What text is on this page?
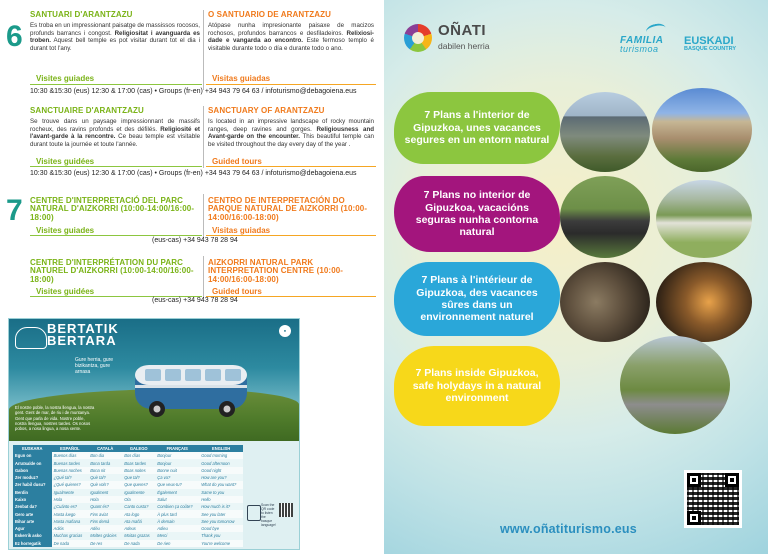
6
SANTUARI D'ARANTZAZU
Es troba en un impressionant paisatge de massissos rocosos, profunds barrancs i congost. Religiositat i avanguarda es troben. Aquest bell temple es pot visitar durant tot el dia i durant tot l'any.
Visites guiades
O SANTUARIO DE ARANTZAZU
Atópase nunha impresionante paisaxe de macizos rochosos, profundos barrancos e desfiladeiros. Relixiosi-dade e vangarda ao encontro. Este fermoso templo é visitable durante todo o día e durante todo o ano.
Visitas guiadas
10:30 &15:30 (eus) 12:30 & 17:00 (cas) • Groups (fr-en) +34 943 79 64 63 / infoturismo@debagoiena.eus
SANCTUAIRE D'ARANTZAZU
Se trouve dans un paysage impressionnant de massifs rocheux, des ravins profonds et des défilés. Religiosité et l'avant-garde à la rencontre. Ce beau temple est visitable durant toute la journée et toute l'année.
Visites guidées
SANCTUARY OF ARANTZAZU
Is located in an impressive landscape of rocky mountain ranges, deep ravines and gorges. Religiousness and Avant-garde on the encounter. This beautiful temple can be visited throughout the day every day of the year .
Guided tours
10:30 &15:30 (eus) 12:30 & 17:00 (cas) • Groups (fr-en) +34 943 79 64 63 / infoturismo@debagoiena.eus
7 CENTRE D'INTERPRETACIÓ DEL PARC NATURAL D'AIZKORRI (10:00-14:00/16:00-18:00)
Visites guiades
CENTRO DE INTERPRETACIÓN DO PARQUE NATURAL DE AIZKORRI (10:00-14:00/16:00-18:00)
Visitas guiadas
(eus-cas) +34 943 78 28 94
CENTRE D'INTERPRÉTATION DU PARC NATUREL D'AIZKORRI (10:00-14:00/16:00-18:00)
Visites guidées
AIZKORRI NATURAL PARK INTERPRETATION CENTRE (10:00-14:00/16:00-18:00)
Guided tours
(eus-cas) +34 943 78 28 94
BERTATIK
BERTARA
Gure herria, gure bizikantza, gure arnasa
●
El nostre poble, la nostra llengua, la nostra gent. Gent de mar, de riu i de muntanya. Gent que parla de vida. Nostre poble, nostra llengua, nostres tardes. Os nosos pobos, a nosa lingua, a nosa xente.
EUSKARA	ESPAÑOL	CATALÀ	GALEGO	FRANÇAIS	ENGLISH
Egun on	Buenos días	Bon dia	Bos días	Bonjour	Good morning
Arratsalde on	Buenas tardes	Bona tarda	Boas tardes	Bonjour	Good afternoon
Gabon	Buenas noches	Bona nit	Boas noites	Bonne nuit	Good night
Zer moduz?	¿Qué tal?	Què tal?	Que tal?	Ça va?	How are you?
Zer habil dusu?	¿Qué quieres?	Què vols?	Que queres?	Que veux-tu?	What do you want?
Berdin	Igualmente	Igualment	Igualmente	Également	Same to you
Kaixo	Hola	Hola	Ola	Salut	Hello
Zenbat da?	¿Cuánto es?	Quant és?	Canto custa?	Combien ça coûte?	How much is it?
Gero arte	Hasta luego	Fins aviat	Ata logo	À plus tard	See you later
Bihar arte	Hasta mañana	Fins demà	Ata mañá	À demain	See you tomorrow
Agur	Adiós	Adéu	Adeus	Adieu	Good bye
Eskerrik asko	Muchas gracias	Moltes gràcies	Moitas grazas	Merci	Thank you
Ez horregatik	De nada	De res	De nada	De rien	You're welcome
Scan the QR code to listen the basque language!
OÑATI
dabilen herria	FAMILIA
turismoa
EUSKADI
BASQUE COUNTRY
7 Plans a l'interior de Gipuzkoa, unes vacances segures en un entorn natural
7 Plans no interior de Gipuzkoa, vacacións seguras nunha contorna natural
7 Plans à l'intérieur de Gipuzkoa, des vacances sûres dans un environnement naturel
7 Plans inside Gipuzkoa, safe holydays in a natural environment
www.oñatiturismo.eus
